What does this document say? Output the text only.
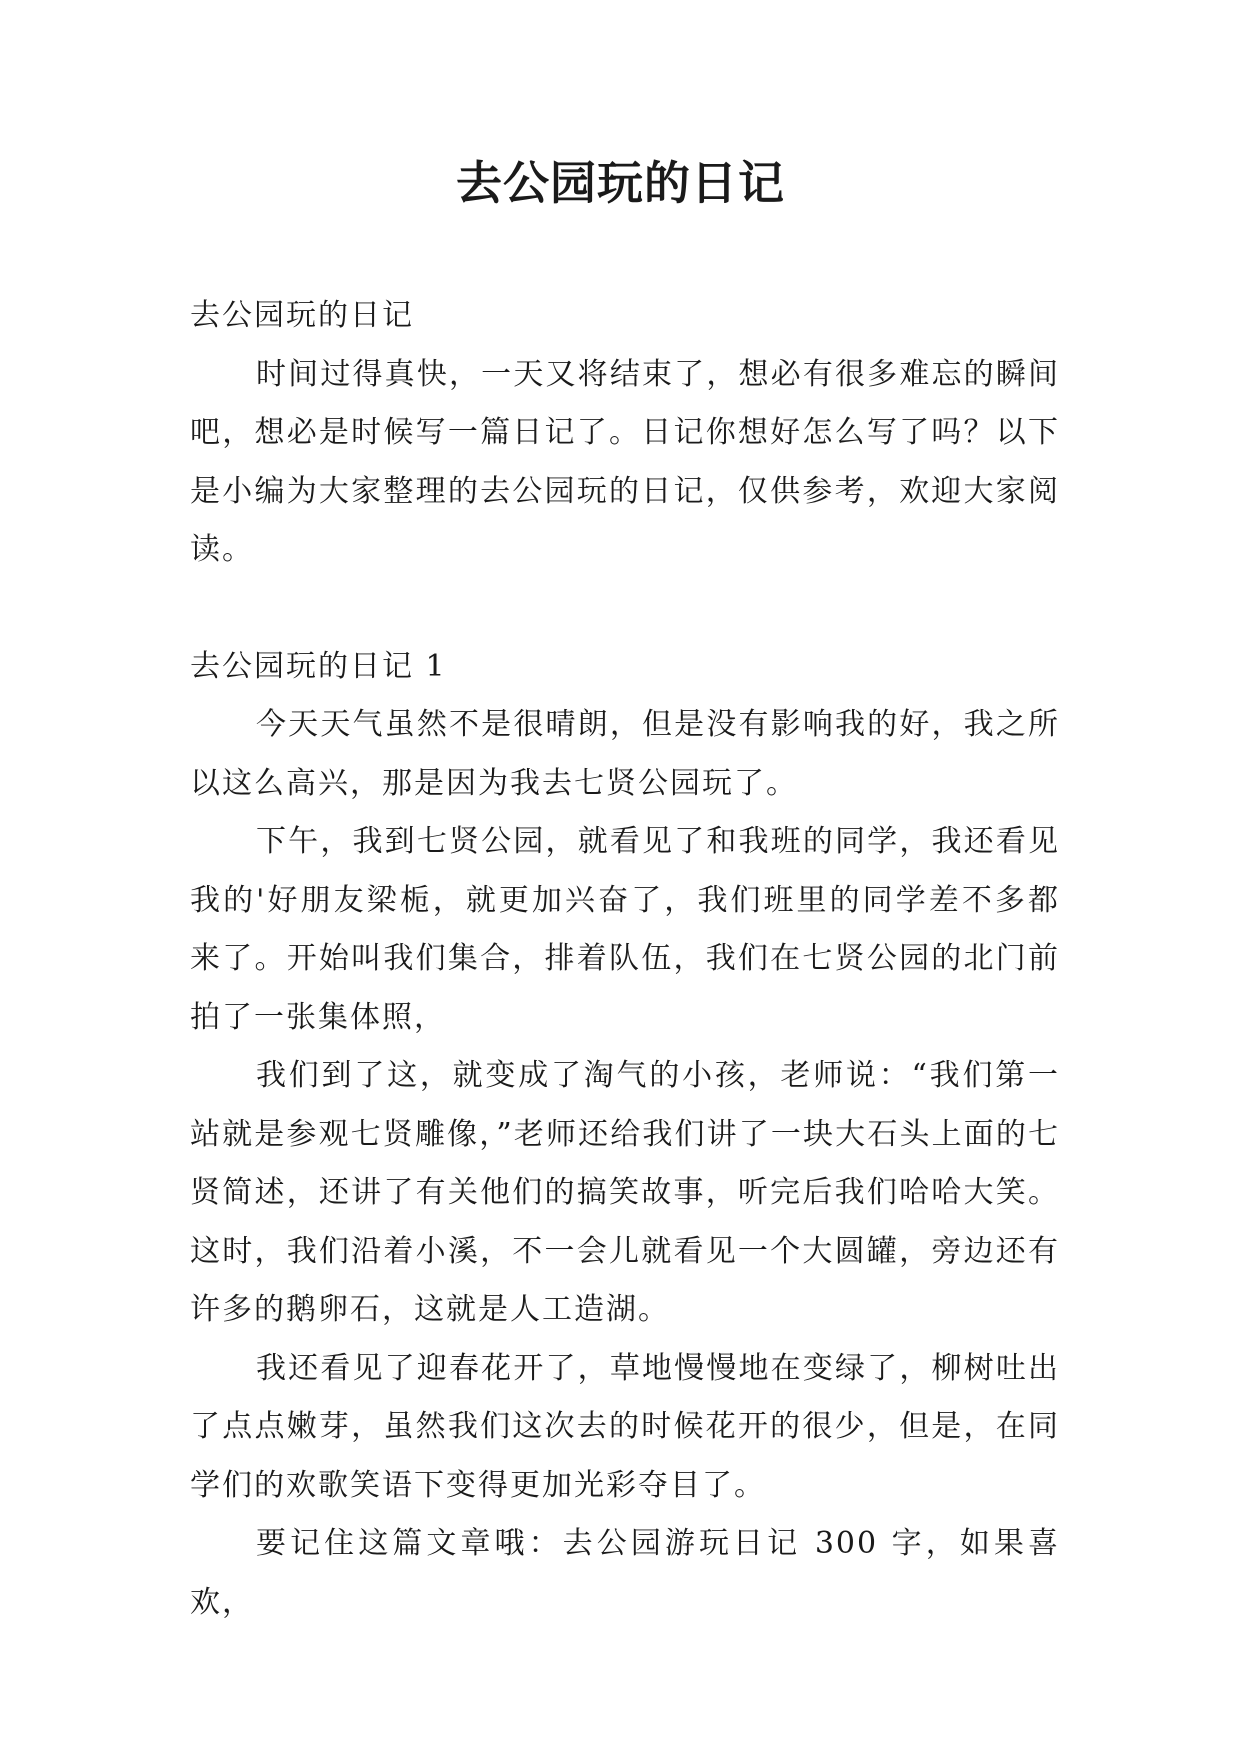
去公园玩的日记

去公园玩的日记

时间过得真快，一天又将结束了，想必有很多难忘的瞬间吧，想必是时候写一篇日记了。日记你想好怎么写了吗？以下是小编为大家整理的去公园玩的日记，仅供参考，欢迎大家阅读。

去公园玩的日记 1

今天天气虽然不是很晴朗，但是没有影响我的好，我之所以这么高兴，那是因为我去七贤公园玩了。

下午，我到七贤公园，就看见了和我班的同学，我还看见我的'好朋友梁栀，就更加兴奋了，我们班里的同学差不多都来了。开始叫我们集合，排着队伍，我们在七贤公园的北门前拍了一张集体照，

我们到了这，就变成了淘气的小孩，老师说：“我们第一站就是参观七贤雕像，”老师还给我们讲了一块大石头上面的七贤简述，还讲了有关他们的搞笑故事，听完后我们哈哈大笑。这时，我们沿着小溪，不一会儿就看见一个大圆罐，旁边还有许多的鹅卵石，这就是人工造湖。

我还看见了迎春花开了，草地慢慢地在变绿了，柳树吐出了点点嫩芽，虽然我们这次去的时候花开的很少，但是，在同学们的欢歌笑语下变得更加光彩夺目了。

要记住这篇文章哦：去公园游玩日记 300 字，如果喜欢，
